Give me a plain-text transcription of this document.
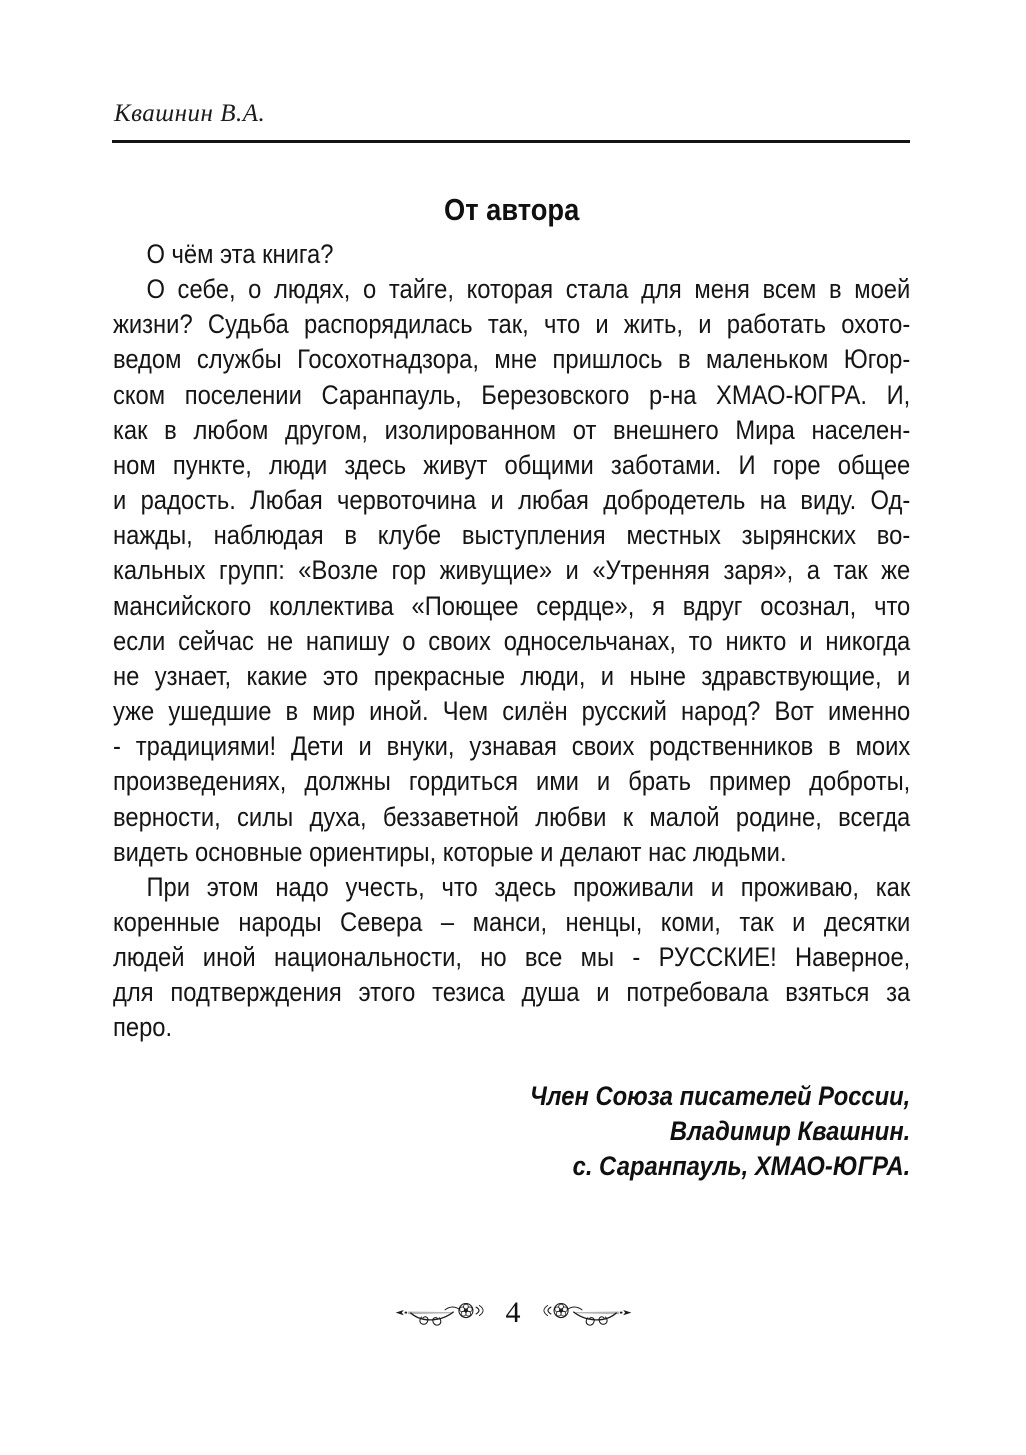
Квашнин В.А.
От автора
О чём эта книга?
О себе, о людях, о тайге, которая стала для меня всем в моей
жизни? Судьба распорядилась так, что и жить, и работать охото-
ведом службы Госохотнадзора, мне пришлось в маленьком Югор-
ском поселении Саранпауль, Березовского р-на ХМАО-ЮГРА. И,
как в любом другом, изолированном от внешнего Мира населен-
ном пункте, люди здесь живут общими заботами. И горе общее
и радость. Любая червоточина и любая добродетель на виду. Од-
нажды, наблюдая в клубе выступления местных зырянских во-
кальных групп: «Возле гор живущие» и «Утренняя заря», а так же
мансийского коллектива «Поющее сердце», я вдруг осознал, что
если сейчас не напишу о своих односельчанах, то никто и никогда
не узнает, какие это прекрасные люди, и ныне здравствующие, и
уже ушедшие в мир иной. Чем силён русский народ? Вот именно
- традициями! Дети и внуки, узнавая своих родственников в моих
произведениях, должны гордиться ими и брать пример доброты,
верности, силы духа, беззаветной любви к малой родине, всегда
видеть основные ориентиры, которые и делают нас людьми.
При этом надо учесть, что здесь проживали и проживаю, как
коренные народы Севера – манси, ненцы, коми, так и десятки
людей иной национальности, но все мы - РУССКИЕ! Наверное,
для подтверждения этого тезиса душа и потребовала взяться за
перо.
Член Союза писателей России,
Владимир Квашнин.
с. Саранпауль, ХМАО-ЮГРА.
4
